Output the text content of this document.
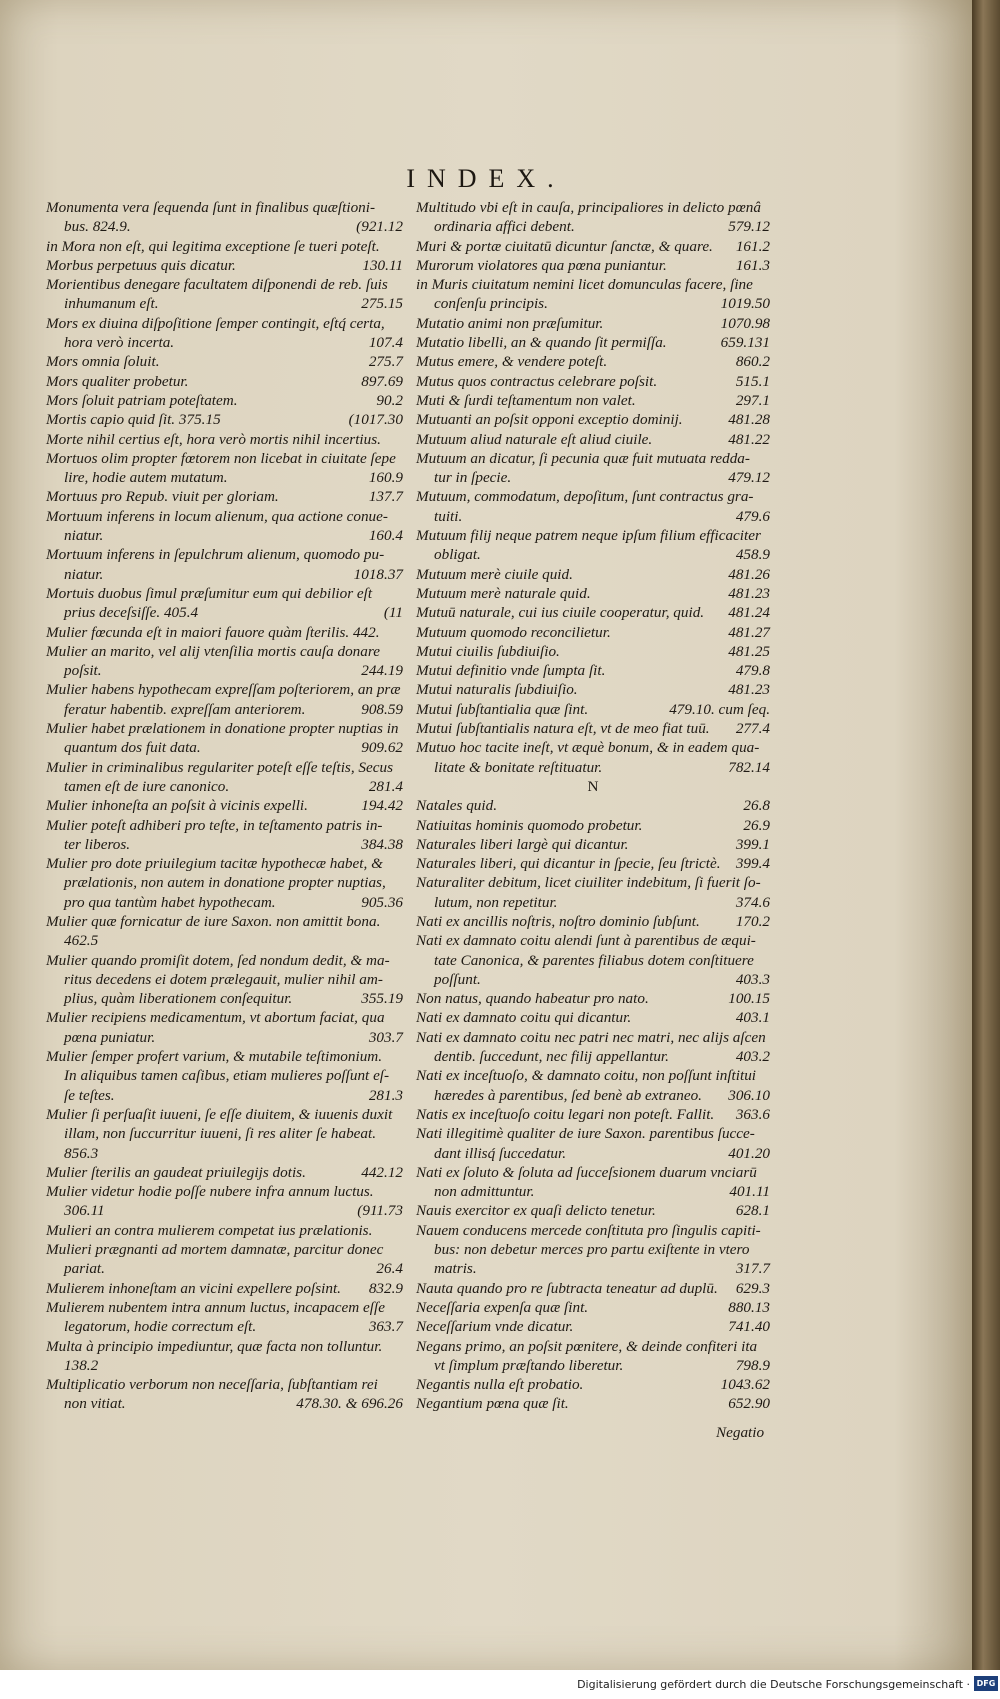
INDEX.
Monumenta vera ſequenda ſunt in finalibus quæſtioni-
bus. 824.9.	(921.12
in Mora non eſt, qui legitima exceptione ſe tueri poteſt.
Morbus perpetuus quis dicatur.	130.11
Morientibus denegare facultatem diſponendi de reb. ſuis
inhumanum eſt.	275.15
Mors ex diuina diſpoſitione ſemper contingit, eſtq́ certa,
hora verò incerta.	107.4
Mors omnia ſoluit.	275.7
Mors qualiter probetur.	897.69
Mors ſoluit patriam poteſtatem.	90.2
Mortis capio quid ſit. 375.15	(1017.30
Morte nihil certius eſt, hora verò mortis nihil incertius.
Mortuos olim propter fœtorem non licebat in ciuitate ſepe
lire, hodie autem mutatum.	160.9
Mortuus pro Repub. viuit per gloriam.	137.7
Mortuum inferens in locum alienum, qua actione conue-
niatur.	160.4
Mortuum inferens in ſepulchrum alienum, quomodo pu-
niatur.	1018.37
Mortuis duobus ſimul præſumitur eum qui debilior eſt
prius deceſsiſſe. 405.4	(11
Mulier fœcunda eſt in maiori fauore quàm ſterilis. 442.
Mulier an marito, vel alij vtenſilia mortis cauſa donare
poſsit.	244.19
Mulier habens hypothecam expreſſam poſteriorem, an præ
feratur habentib. expreſſam anteriorem.	908.59
Mulier habet prælationem in donatione propter nuptias in
quantum dos fuit data.	909.62
Mulier in criminalibus regulariter poteſt eſſe teſtis, Secus
tamen eſt de iure canonico.	281.4
Mulier inhoneſta an poſsit à vicinis expelli.	194.42
Mulier poteſt adhiberi pro teſte, in teſtamento patris in-
ter liberos.	384.38
Mulier pro dote priuilegium tacitæ hypothecæ habet, &
prælationis, non autem in donatione propter nuptias,
pro qua tantùm habet hypothecam.	905.36
Mulier quæ fornicatur de iure Saxon. non amittit bona.
462.5
Mulier quando promiſit dotem, ſed nondum dedit, & ma-
ritus decedens ei dotem prælegauit, mulier nihil am-
plius, quàm liberationem conſequitur.	355.19
Mulier recipiens medicamentum, vt abortum faciat, qua
pœna puniatur.	303.7
Mulier ſemper profert varium, & mutabile teſtimonium.
In aliquibus tamen caſibus, etiam mulieres poſſunt eſ-
ſe teſtes.	281.3
Mulier ſi perſuaſit iuueni, ſe eſſe diuitem, & iuuenis duxit
illam, non ſuccurritur iuueni, ſi res aliter ſe habeat.
856.3
Mulier ſterilis an gaudeat priuilegijs dotis.	442.12
Mulier videtur hodie poſſe nubere infra annum luctus.
306.11	(911.73
Mulieri an contra mulierem competat ius prælationis.
Mulieri prægnanti ad mortem damnatæ, parcitur donec
pariat.	26.4
Mulierem inhoneſtam an vicini expellere poſsint. 832.9
Mulierem nubentem intra annum luctus, incapacem eſſe
legatorum, hodie correctum eſt.	363.7
Multa à principio impediuntur, quæ facta non tolluntur.
138.2
Multiplicatio verborum non neceſſaria, ſubſtantiam rei
non vitiat.	478.30. & 696.26
Multitudo vbi eſt in cauſa, principaliores in delicto pœnâ
ordinaria affici debent.	579.12
Muri & portæ ciuitatū dicuntur ſanctæ, & quare. 161.2
Murorum violatores qua pœna puniantur.	161.3
in Muris ciuitatum nemini licet domunculas facere, ſine
conſenſu principis.	1019.50
Mutatio animi non præſumitur.	1070.98
Mutatio libelli, an & quando ſit permiſſa.	659.131
Mutus emere, & vendere poteſt.	860.2
Mutus quos contractus celebrare poſsit.	515.1
Muti & ſurdi teſtamentum non valet.	297.1
Mutuanti an poſsit opponi exceptio dominij.	481.28
Mutuum aliud naturale eſt aliud ciuile.	481.22
Mutuum an dicatur, ſi pecunia quæ fuit mutuata redda-
tur in ſpecie.	479.12
Mutuum, commodatum, depoſitum, ſunt contractus gra-
tuiti.	479.6
Mutuum filij neque patrem neque ipſum filium efficaciter
obligat.	458.9
Mutuum merè ciuile quid.	481.26
Mutuum merè naturale quid.	481.23
Mutuū naturale, cui ius ciuile cooperatur, quid. 481.24
Mutuum quomodo reconcilietur.	481.27
Mutui ciuilis ſubdiuiſio.	481.25
Mutui definitio vnde ſumpta ſit.	479.8
Mutui naturalis ſubdiuiſio.	481.23
Mutui ſubſtantialia quæ ſint.	479.10. cum ſeq.
Mutui ſubſtantialis natura eſt, vt de meo fiat tuū. 277.4
Mutuo hoc tacite ineſt, vt æquè bonum, & in eadem qua-
litate & bonitate reſtituatur.	782.14
N
Natales quid.	26.8
Natiuitas hominis quomodo probetur.	26.9
Naturales liberi largè qui dicantur.	399.1
Naturales liberi, qui dicantur in ſpecie, ſeu ſtrictè. 399.4
Naturaliter debitum, licet ciuiliter indebitum, ſi fuerit ſo-
lutum, non repetitur.	374.6
Nati ex ancillis noſtris, noſtro dominio ſubſunt. 170.2
Nati ex damnato coitu alendi ſunt à parentibus de æqui-
tate Canonica, & parentes filiabus dotem conſtituere
poſſunt.	403.3
Non natus, quando habeatur pro nato.	100.15
Nati ex damnato coitu qui dicantur.	403.1
Nati ex damnato coitu nec patri nec matri, nec alijs aſcen
dentib. ſuccedunt, nec filij appellantur.	403.2
Nati ex inceſtuoſo, & damnato coitu, non poſſunt inſtitui
hæredes à parentibus, ſed benè ab extraneo. 306.10
Natis ex inceſtuoſo coitu legari non poteſt. Fallit. 363.6
Nati illegitimè qualiter de iure Saxon. parentibus ſucce-
dant illisq́ ſuccedatur.	401.20
Nati ex ſoluto & ſoluta ad ſucceſsionem duarum vnciarū
non admittuntur.	401.11
Nauis exercitor ex quaſi delicto tenetur.	628.1
Nauem conducens mercede conſtituta pro ſingulis capiti-
bus: non debetur merces pro partu exiſtente in vtero
matris.	317.7
Nauta quando pro re ſubtracta teneatur ad duplū. 629.3
Neceſſaria expenſa quæ ſint.	880.13
Neceſſarium vnde dicatur.	741.40
Negans primo, an poſsit pœnitere, & deinde confiteri ita
vt ſimplum præſtando liberetur.	798.9
Negantis nulla eſt probatio.	1043.62
Negantium pœna quæ ſit.	652.90
Negatio
Digitalisierung gefördert durch die Deutsche Forschungsgemeinschaft · DFG
